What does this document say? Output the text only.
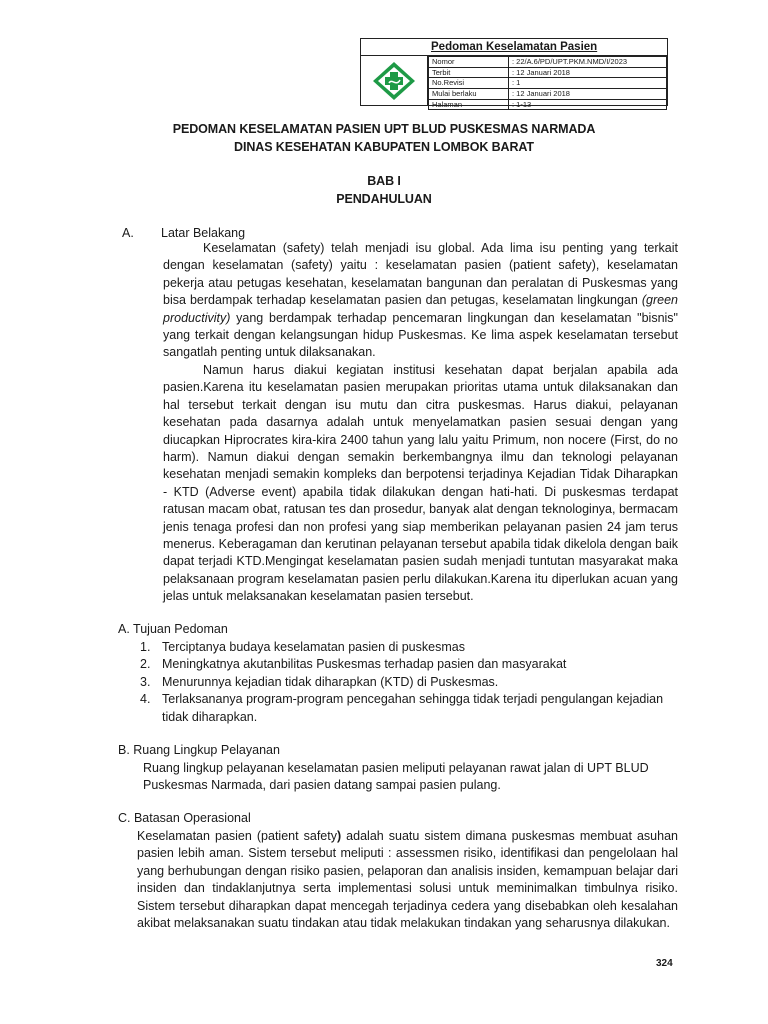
Pedoman Keselamatan Pasien
Nomor	: 22/A.6/PD/UPT.PKM.NMD/I/2023
Terbit	: 12 Januari 2018
No.Revisi	: 1
Mulai berlaku	: 12 Januari 2018
Halaman	: 1-13
PEDOMAN KESELAMATAN PASIEN UPT BLUD PUSKESMAS NARMADA
DINAS KESEHATAN KABUPATEN LOMBOK BARAT
BAB I
PENDAHULUAN
A. Latar Belakang

Keselamatan (safety) telah menjadi isu global. Ada lima isu penting yang terkait dengan keselamatan (safety) yaitu : keselamatan pasien (patient safety), keselamatan pekerja atau petugas kesehatan, keselamatan bangunan dan peralatan di Puskesmas yang bisa berdampak terhadap keselamatan pasien dan petugas, keselamatan lingkungan (green productivity) yang berdampak terhadap pencemaran lingkungan dan keselamatan "bisnis" yang terkait dengan kelangsungan hidup Puskesmas. Ke lima aspek keselamatan tersebut sangatlah penting untuk dilaksanakan.

Namun harus diakui kegiatan institusi kesehatan dapat berjalan apabila ada pasien.Karena itu keselamatan pasien merupakan prioritas utama untuk dilaksanakan dan hal tersebut terkait dengan isu mutu dan citra puskesmas. Harus diakui, pelayanan kesehatan pada dasarnya adalah untuk menyelamatkan pasien sesuai dengan yang diucapkan Hiprocrates kira-kira 2400 tahun yang lalu yaitu Primum, non nocere (First, do no harm). Namun diakui dengan semakin berkembangnya ilmu dan teknologi pelayanan kesehatan menjadi semakin kompleks dan berpotensi terjadinya Kejadian Tidak Diharapkan - KTD (Adverse event) apabila tidak dilakukan dengan hati-hati. Di puskesmas terdapat ratusan macam obat, ratusan tes dan prosedur, banyak alat dengan teknologinya, bermacam jenis tenaga profesi dan non profesi yang siap memberikan pelayanan pasien 24 jam terus menerus. Keberagaman dan kerutinan pelayanan tersebut apabila tidak dikelola dengan baik dapat terjadi KTD.Mengingat keselamatan pasien sudah menjadi tuntutan masyarakat maka pelaksanaan program keselamatan pasien perlu dilakukan.Karena itu diperlukan acuan yang jelas untuk melaksanakan keselamatan pasien tersebut.

A. Tujuan Pedoman
1. Terciptanya budaya keselamatan pasien di puskesmas
2. Meningkatnya akutanbilitas Puskesmas terhadap pasien dan masyarakat
3. Menurunnya kejadian tidak diharapkan (KTD) di Puskesmas.
4. Terlaksananya program-program pencegahan sehingga tidak terjadi pengulangan kejadian tidak diharapkan.
B. Ruang Lingkup Pelayanan

Ruang lingkup pelayanan keselamatan pasien meliputi pelayanan rawat jalan di UPT BLUD Puskesmas Narmada, dari pasien datang sampai pasien pulang.

C. Batasan Operasional

Keselamatan pasien (patient safety) adalah suatu sistem dimana puskesmas membuat asuhan pasien lebih aman. Sistem tersebut meliputi : assessmen risiko, identifikasi dan pengelolaan hal yang berhubungan dengan risiko pasien, pelaporan dan analisis insiden, kemampuan belajar dari insiden dan tindaklanjutnya serta implementasi solusi untuk meminimalkan timbulnya risiko. Sistem tersebut diharapkan dapat mencegah terjadinya cedera yang disebabkan oleh kesalahan akibat melaksanakan suatu tindakan atau tidak melakukan tindakan yang seharusnya dilakukan.

324
